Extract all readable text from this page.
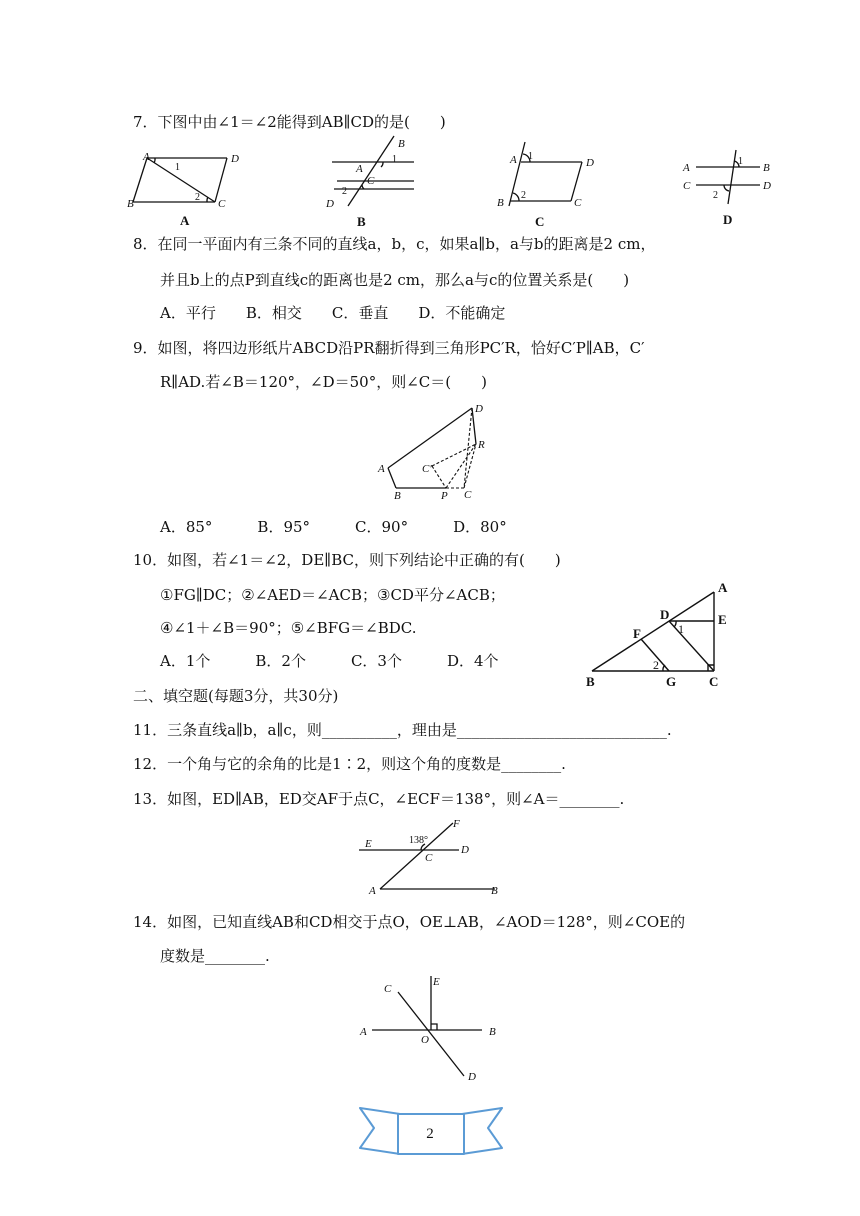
7．下图中由∠1＝∠2能得到AB∥CD的是(　　)
A	D
B	C
1
2
A
B
A
1
C
2
D
B
A 1
D
B
2
C
C
A
1
B
C	D
2
D
8．在同一平面内有三条不同的直线a，b，c，如果a∥b，a与b的距离是2 cm，
并且b上的点P到直线c的距离也是2 cm，那么a与c的位置关系是(　　)
A．平行　　B．相交　　C．垂直　　D．不能确定
9．如图，将四边形纸片ABCD沿PR翻折得到三角形PC′R，恰好C′P∥AB，C′
R∥AD.若∠B＝120°，∠D＝50°，则∠C＝(　　)
D
R
A	C′
B	P C
A．85°　　　B．95°　　　C．90°　　　D．80°
10．如图，若∠1＝∠2，DE∥BC，则下列结论中正确的有(　　)
①FG∥DC；②∠AED＝∠ACB；③CD平分∠ACB；
④∠1＋∠B＝90°；⑤∠BFG＝∠BDC.
A．1个　　　B．2个　　　C．3个　　　D．4个
A
D
1
E
F
2
B	G	C
二、填空题(每题3分，共30分)
11．三条直线a∥b，a∥c，则__________，理由是____________________________.
12．一个角与它的余角的比是1∶2，则这个角的度数是________.
13．如图，ED∥AB，ED交AF于点C，∠ECF＝138°，则∠A＝________.
E	138°
F
C
D
A	B
14．如图，已知直线AB和CD相交于点O，OE⊥AB，∠AOD＝128°，则∠COE的
度数是________.
E
C
A	B
O
D
2
